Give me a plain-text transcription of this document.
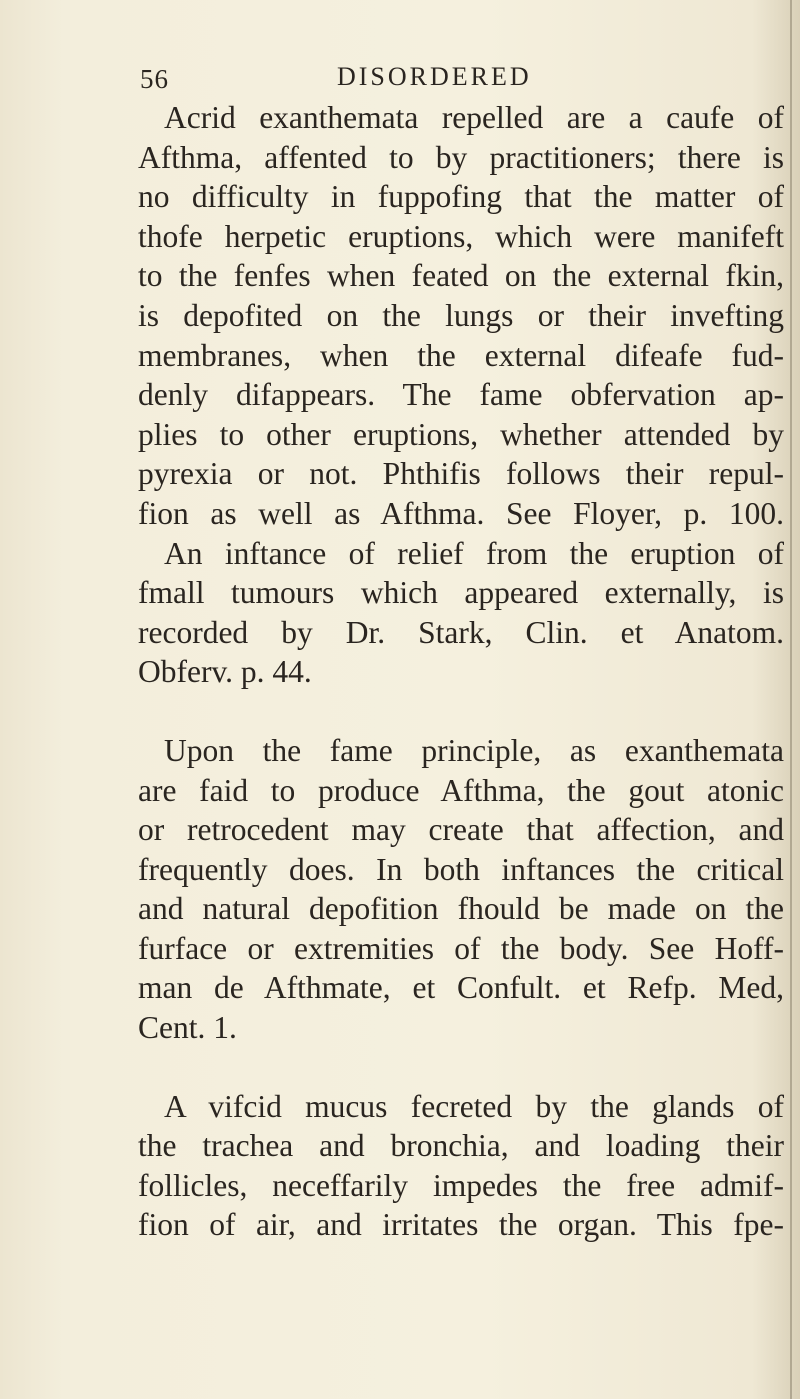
56	DISORDERED
Acrid exanthemata repelled are a caufe of
Afthma, affented to by practitioners; there is
no difficulty in fuppofing that the matter of
thofe herpetic eruptions, which were manifeft
to the fenfes when feated on the external fkin,
is depofited on the lungs or their invefting
membranes, when the external difeafe fud-
denly difappears. The fame obfervation ap-
plies to other eruptions, whether attended by
pyrexia or not. Phthifis follows their repul-
fion as well as Afthma. See Floyer, p. 100.
An inftance of relief from the eruption of
fmall tumours which appeared externally, is
recorded by Dr. Stark, Clin. et Anatom.
Obferv. p. 44.
Upon the fame principle, as exanthemata
are faid to produce Afthma, the gout atonic
or retrocedent may create that affection, and
frequently does. In both inftances the critical
and natural depofition fhould be made on the
furface or extremities of the body. See Hoff-
man de Afthmate, et Confult. et Refp. Med,
Cent. 1.
A vifcid mucus fecreted by the glands of
the trachea and bronchia, and loading their
follicles, neceffarily impedes the free admif-
fion of air, and irritates the organ. This fpe-
